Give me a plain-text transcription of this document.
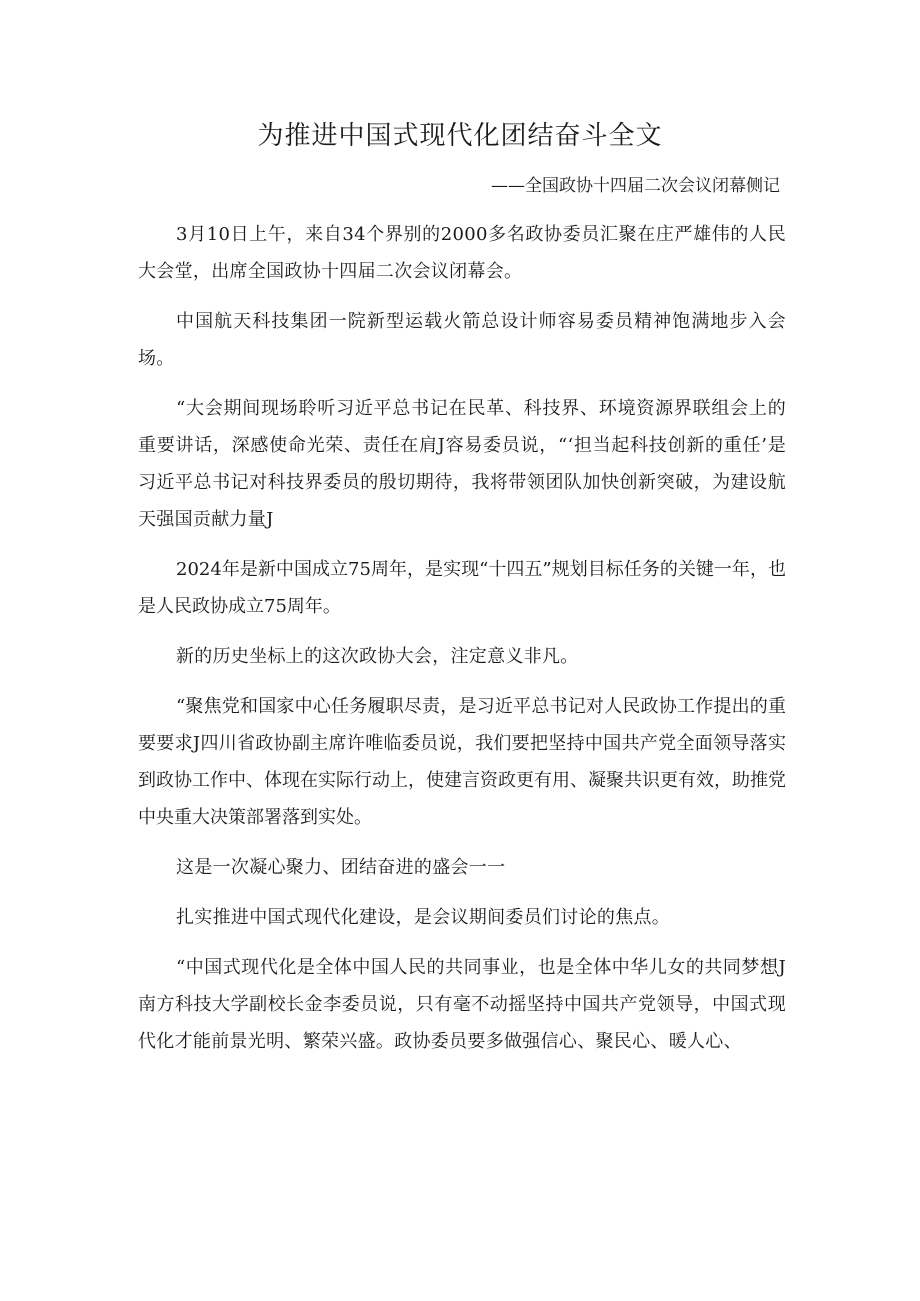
为推进中国式现代化团结奋斗全文

——全国政协十四届二次会议闭幕侧记

3月10日上午，来自34个界别的2000多名政协委员汇聚在庄严雄伟的人民大会堂，出席全国政协十四届二次会议闭幕会。

中国航天科技集团一院新型运载火箭总设计师容易委员精神饱满地步入会场。

“大会期间现场聆听习近平总书记在民革、科技界、环境资源界联组会上的重要讲话，深感使命光荣、责任在肩J容易委员说，“‘担当起科技创新的重任’是习近平总书记对科技界委员的殷切期待，我将带领团队加快创新突破，为建设航天强国贡献力量J

2024年是新中国成立75周年，是实现“十四五”规划目标任务的关键一年，也是人民政协成立75周年。

新的历史坐标上的这次政协大会，注定意义非凡。

“聚焦党和国家中心任务履职尽责，是习近平总书记对人民政协工作提出的重要要求J四川省政协副主席许唯临委员说，我们要把坚持中国共产党全面领导落实到政协工作中、体现在实际行动上，使建言资政更有用、凝聚共识更有效，助推党中央重大决策部署落到实处。

这是一次凝心聚力、团结奋进的盛会一一

扎实推进中国式现代化建设，是会议期间委员们讨论的焦点。

“中国式现代化是全体中国人民的共同事业，也是全体中华儿女的共同梦想J南方科技大学副校长金李委员说，只有毫不动摇坚持中国共产党领导，中国式现代化才能前景光明、繁荣兴盛。政协委员要多做强信心、聚民心、暖人心、
